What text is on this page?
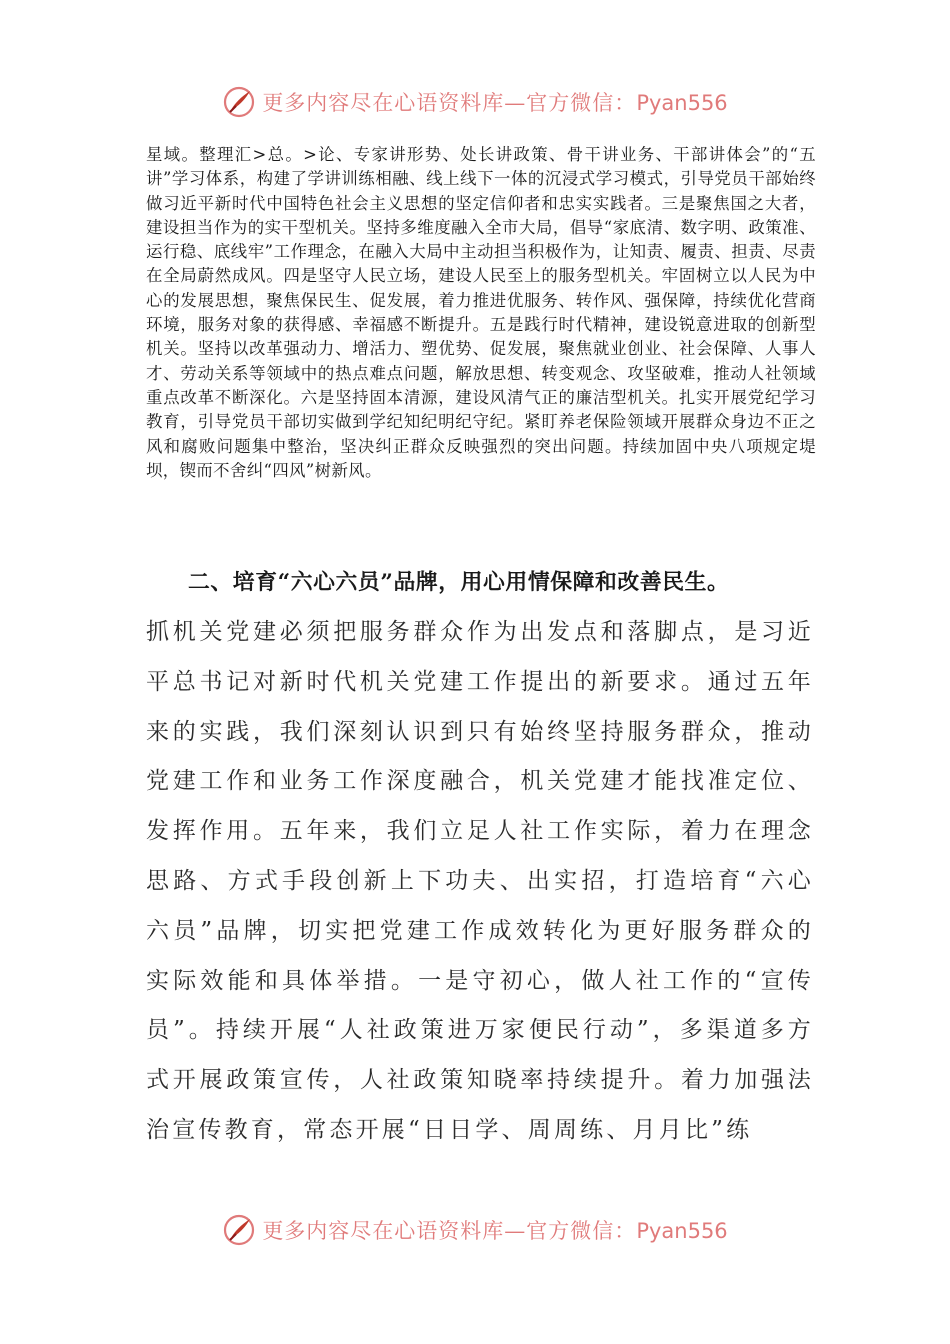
更多内容尽在心语资料库—官方微信：Pyan556

星域。整理汇>总。>论、专家讲形势、处长讲政策、骨干讲业务、干部讲体会”的“五讲”学习体系，构建了学讲训练相融、线上线下一体的沉浸式学习模式，引导党员干部始终做习近平新时代中国特色社会主义思想的坚定信仰者和忠实实践者。三是聚焦国之大者，建设担当作为的实干型机关。坚持多维度融入全市大局，倡导“家底清、数字明、政策准、运行稳、底线牢”工作理念，在融入大局中主动担当积极作为，让知责、履责、担责、尽责在全局蔚然成风。四是坚守人民立场，建设人民至上的服务型机关。牢固树立以人民为中心的发展思想，聚焦保民生、促发展，着力推进优服务、转作风、强保障，持续优化营商环境，服务对象的获得感、幸福感不断提升。五是践行时代精神，建设锐意进取的创新型机关。坚持以改革强动力、增活力、塑优势、促发展，聚焦就业创业、社会保障、人事人才、劳动关系等领域中的热点难点问题，解放思想、转变观念、攻坚破难，推动人社领域重点改革不断深化。六是坚持固本清源，建设风清气正的廉洁型机关。扎实开展党纪学习教育，引导党员干部切实做到学纪知纪明纪守纪。紧盯养老保险领域开展群众身边不正之风和腐败问题集中整治，坚决纠正群众反映强烈的突出问题。持续加固中央八项规定堤坝，锲而不舍纠“四风”树新风。

二、培育“六心六员”品牌，用心用情保障和改善民生。

抓机关党建必须把服务群众作为出发点和落脚点，是习近平总书记对新时代机关党建工作提出的新要求。通过五年来的实践，我们深刻认识到只有始终坚持服务群众，推动党建工作和业务工作深度融合，机关党建才能找准定位、发挥作用。五年来，我们立足人社工作实际，着力在理念思路、方式手段创新上下功夫、出实招，打造培育“六心六员”品牌，切实把党建工作成效转化为更好服务群众的实际效能和具体举措。一是守初心，做人社工作的“宣传员”。持续开展“人社政策进万家便民行动”，多渠道多方式开展政策宣传，人社政策知晓率持续提升。着力加强法治宣传教育，常态开展“日日学、周周练、月月比”练

更多内容尽在心语资料库—官方微信：Pyan556
